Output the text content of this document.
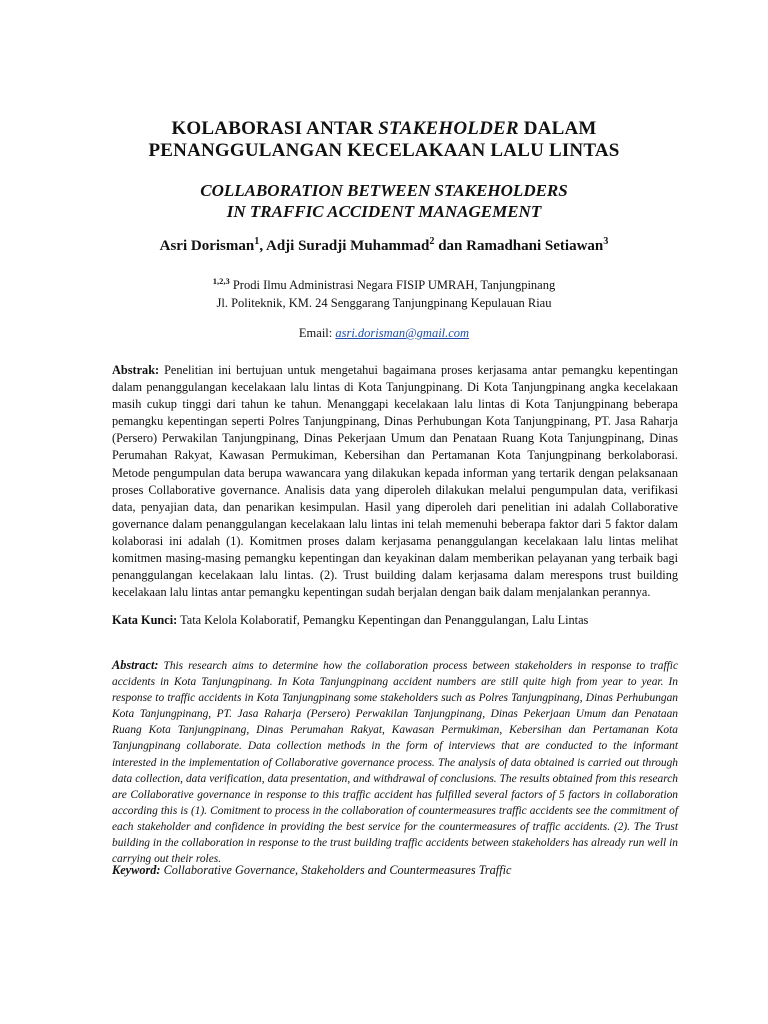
KOLABORASI ANTAR STAKEHOLDER DALAM
PENANGGULANGAN KECELAKAAN LALU LINTAS
COLLABORATION BETWEEN STAKEHOLDERS
IN TRAFFIC ACCIDENT MANAGEMENT
Asri Dorisman$^1$, Adji Suradji Muhammad$^2$ dan Ramadhani Setiawan$^3$
$^{1,2,3}$ Prodi Ilmu Administrasi Negara FISIP UMRAH, Tanjungpinang
Jl. Politeknik, KM. 24 Senggarang Tanjungpinang Kepulauan Riau
Email: asri.dorisman@gmail.com
Abstrak: Penelitian ini bertujuan untuk mengetahui bagaimana proses kerjasama antar pemangku kepentingan dalam penanggulangan kecelakaan lalu lintas di Kota Tanjungpinang. Di Kota Tanjungpinang angka kecelakaan masih cukup tinggi dari tahun ke tahun. Menanggapi kecelakaan lalu lintas di Kota Tanjungpinang beberapa pemangku kepentingan seperti Polres Tanjungpinang, Dinas Perhubungan Kota Tanjungpinang, PT. Jasa Raharja (Persero) Perwakilan Tanjungpinang, Dinas Pekerjaan Umum dan Penataan Ruang Kota Tanjungpinang, Dinas Perumahan Rakyat, Kawasan Permukiman, Kebersihan dan Pertamanan Kota Tanjungpinang berkolaborasi. Metode pengumpulan data berupa wawancara yang dilakukan kepada informan yang tertarik dengan pelaksanaan proses Collaborative governance. Analisis data yang diperoleh dilakukan melalui pengumpulan data, verifikasi data, penyajian data, dan penarikan kesimpulan. Hasil yang diperoleh dari penelitian ini adalah Collaborative governance dalam penanggulangan kecelakaan lalu lintas ini telah memenuhi beberapa faktor dari 5 faktor dalam kolaborasi ini adalah (1). Komitmen proses dalam kerjasama penanggulangan kecelakaan lalu lintas melihat komitmen masing-masing pemangku kepentingan dan keyakinan dalam memberikan pelayanan yang terbaik bagi penanggulangan kecelakaan lalu lintas. (2). Trust building dalam kerjasama dalam merespons trust building kecelakaan lalu lintas antar pemangku kepentingan sudah berjalan dengan baik dalam menjalankan perannya.
Kata Kunci: Tata Kelola Kolaboratif, Pemangku Kepentingan dan Penanggulangan, Lalu Lintas
Abstract: This research aims to determine how the collaboration process between stakeholders in response to traffic accidents in Kota Tanjungpinang. In Kota Tanjungpinang accident numbers are still quite high from year to year. In response to traffic accidents in Kota Tanjungpinang some stakeholders such as Polres Tanjungpinang, Dinas Perhubungan Kota Tanjungpinang, PT. Jasa Raharja (Persero) Perwakilan Tanjungpinang, Dinas Pekerjaan Umum dan Penataan Ruang Kota Tanjungpinang, Dinas Perumahan Rakyat, Kawasan Permukiman, Kebersihan dan Pertamanan Kota Tanjungpinang collaborate. Data collection methods in the form of interviews that are conducted to the informant interested in the implementation of Collaborative governance process. The analysis of data obtained is carried out through data collection, data verification, data presentation, and withdrawal of conclusions. The results obtained from this research are Collaborative governance in response to this traffic accident has fulfilled several factors of 5 factors in collaboration according this is (1). Comitment to process in the collaboration of countermeasures traffic accidents see the commitment of each stakeholder and confidence in providing the best service for the countermeasures of traffic accidents. (2). The Trust building in the collaboration in response to the trust building traffic accidents between stakeholders has already run well in carrying out their roles.
Keyword: Collaborative Governance, Stakeholders and Countermeasures Traffic
